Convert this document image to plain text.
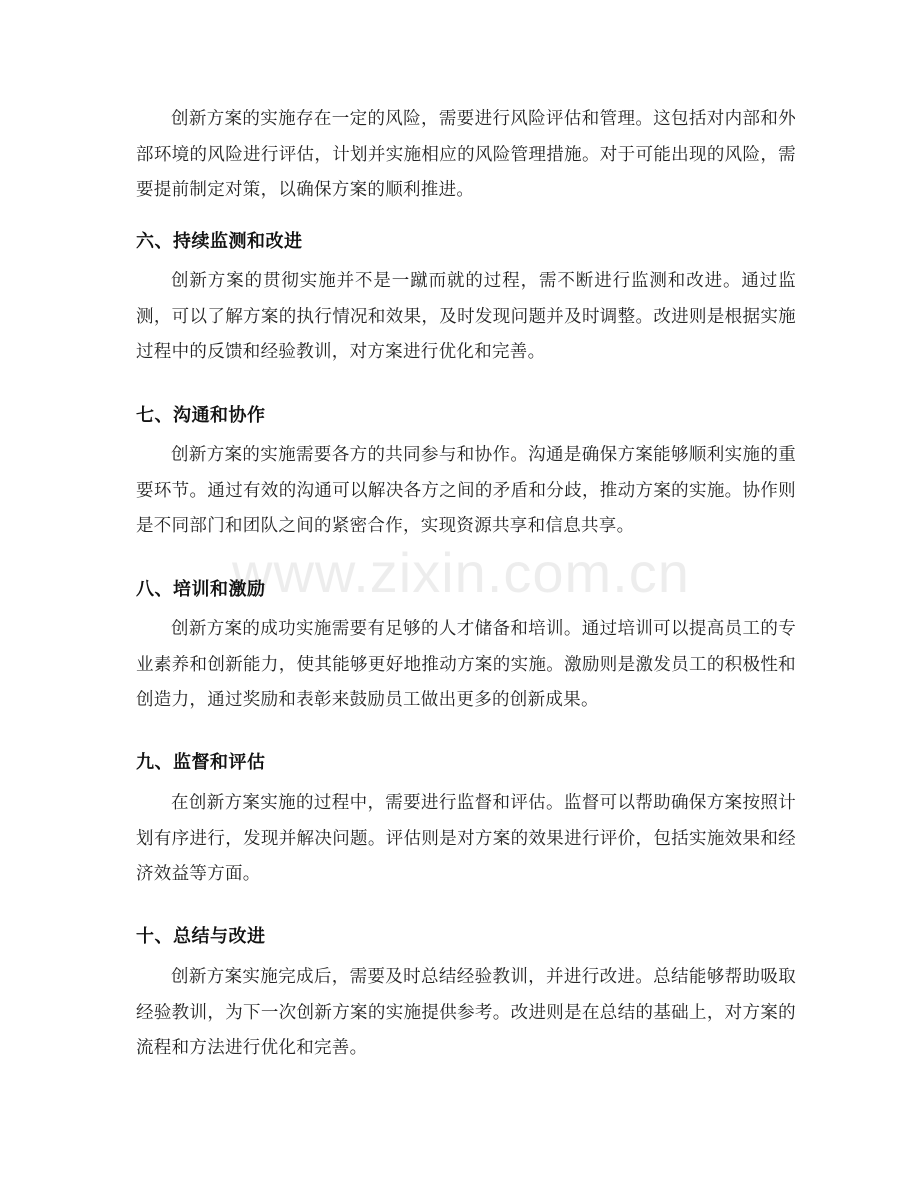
创新方案的实施存在一定的风险，需要进行风险评估和管理。这包括对内部和外部环境的风险进行评估，计划并实施相应的风险管理措施。对于可能出现的风险，需要提前制定对策，以确保方案的顺利推进。

六、持续监测和改进

创新方案的贯彻实施并不是一蹴而就的过程，需不断进行监测和改进。通过监测，可以了解方案的执行情况和效果，及时发现问题并及时调整。改进则是根据实施过程中的反馈和经验教训，对方案进行优化和完善。

七、沟通和协作

创新方案的实施需要各方的共同参与和协作。沟通是确保方案能够顺利实施的重要环节。通过有效的沟通可以解决各方之间的矛盾和分歧，推动方案的实施。协作则是不同部门和团队之间的紧密合作，实现资源共享和信息共享。

八、培训和激励

创新方案的成功实施需要有足够的人才储备和培训。通过培训可以提高员工的专业素养和创新能力，使其能够更好地推动方案的实施。激励则是激发员工的积极性和创造力，通过奖励和表彰来鼓励员工做出更多的创新成果。

九、监督和评估

在创新方案实施的过程中，需要进行监督和评估。监督可以帮助确保方案按照计划有序进行，发现并解决问题。评估则是对方案的效果进行评价，包括实施效果和经济效益等方面。

十、总结与改进

创新方案实施完成后，需要及时总结经验教训，并进行改进。总结能够帮助吸取经验教训，为下一次创新方案的实施提供参考。改进则是在总结的基础上，对方案的流程和方法进行优化和完善。

www.zixin.com.cn
